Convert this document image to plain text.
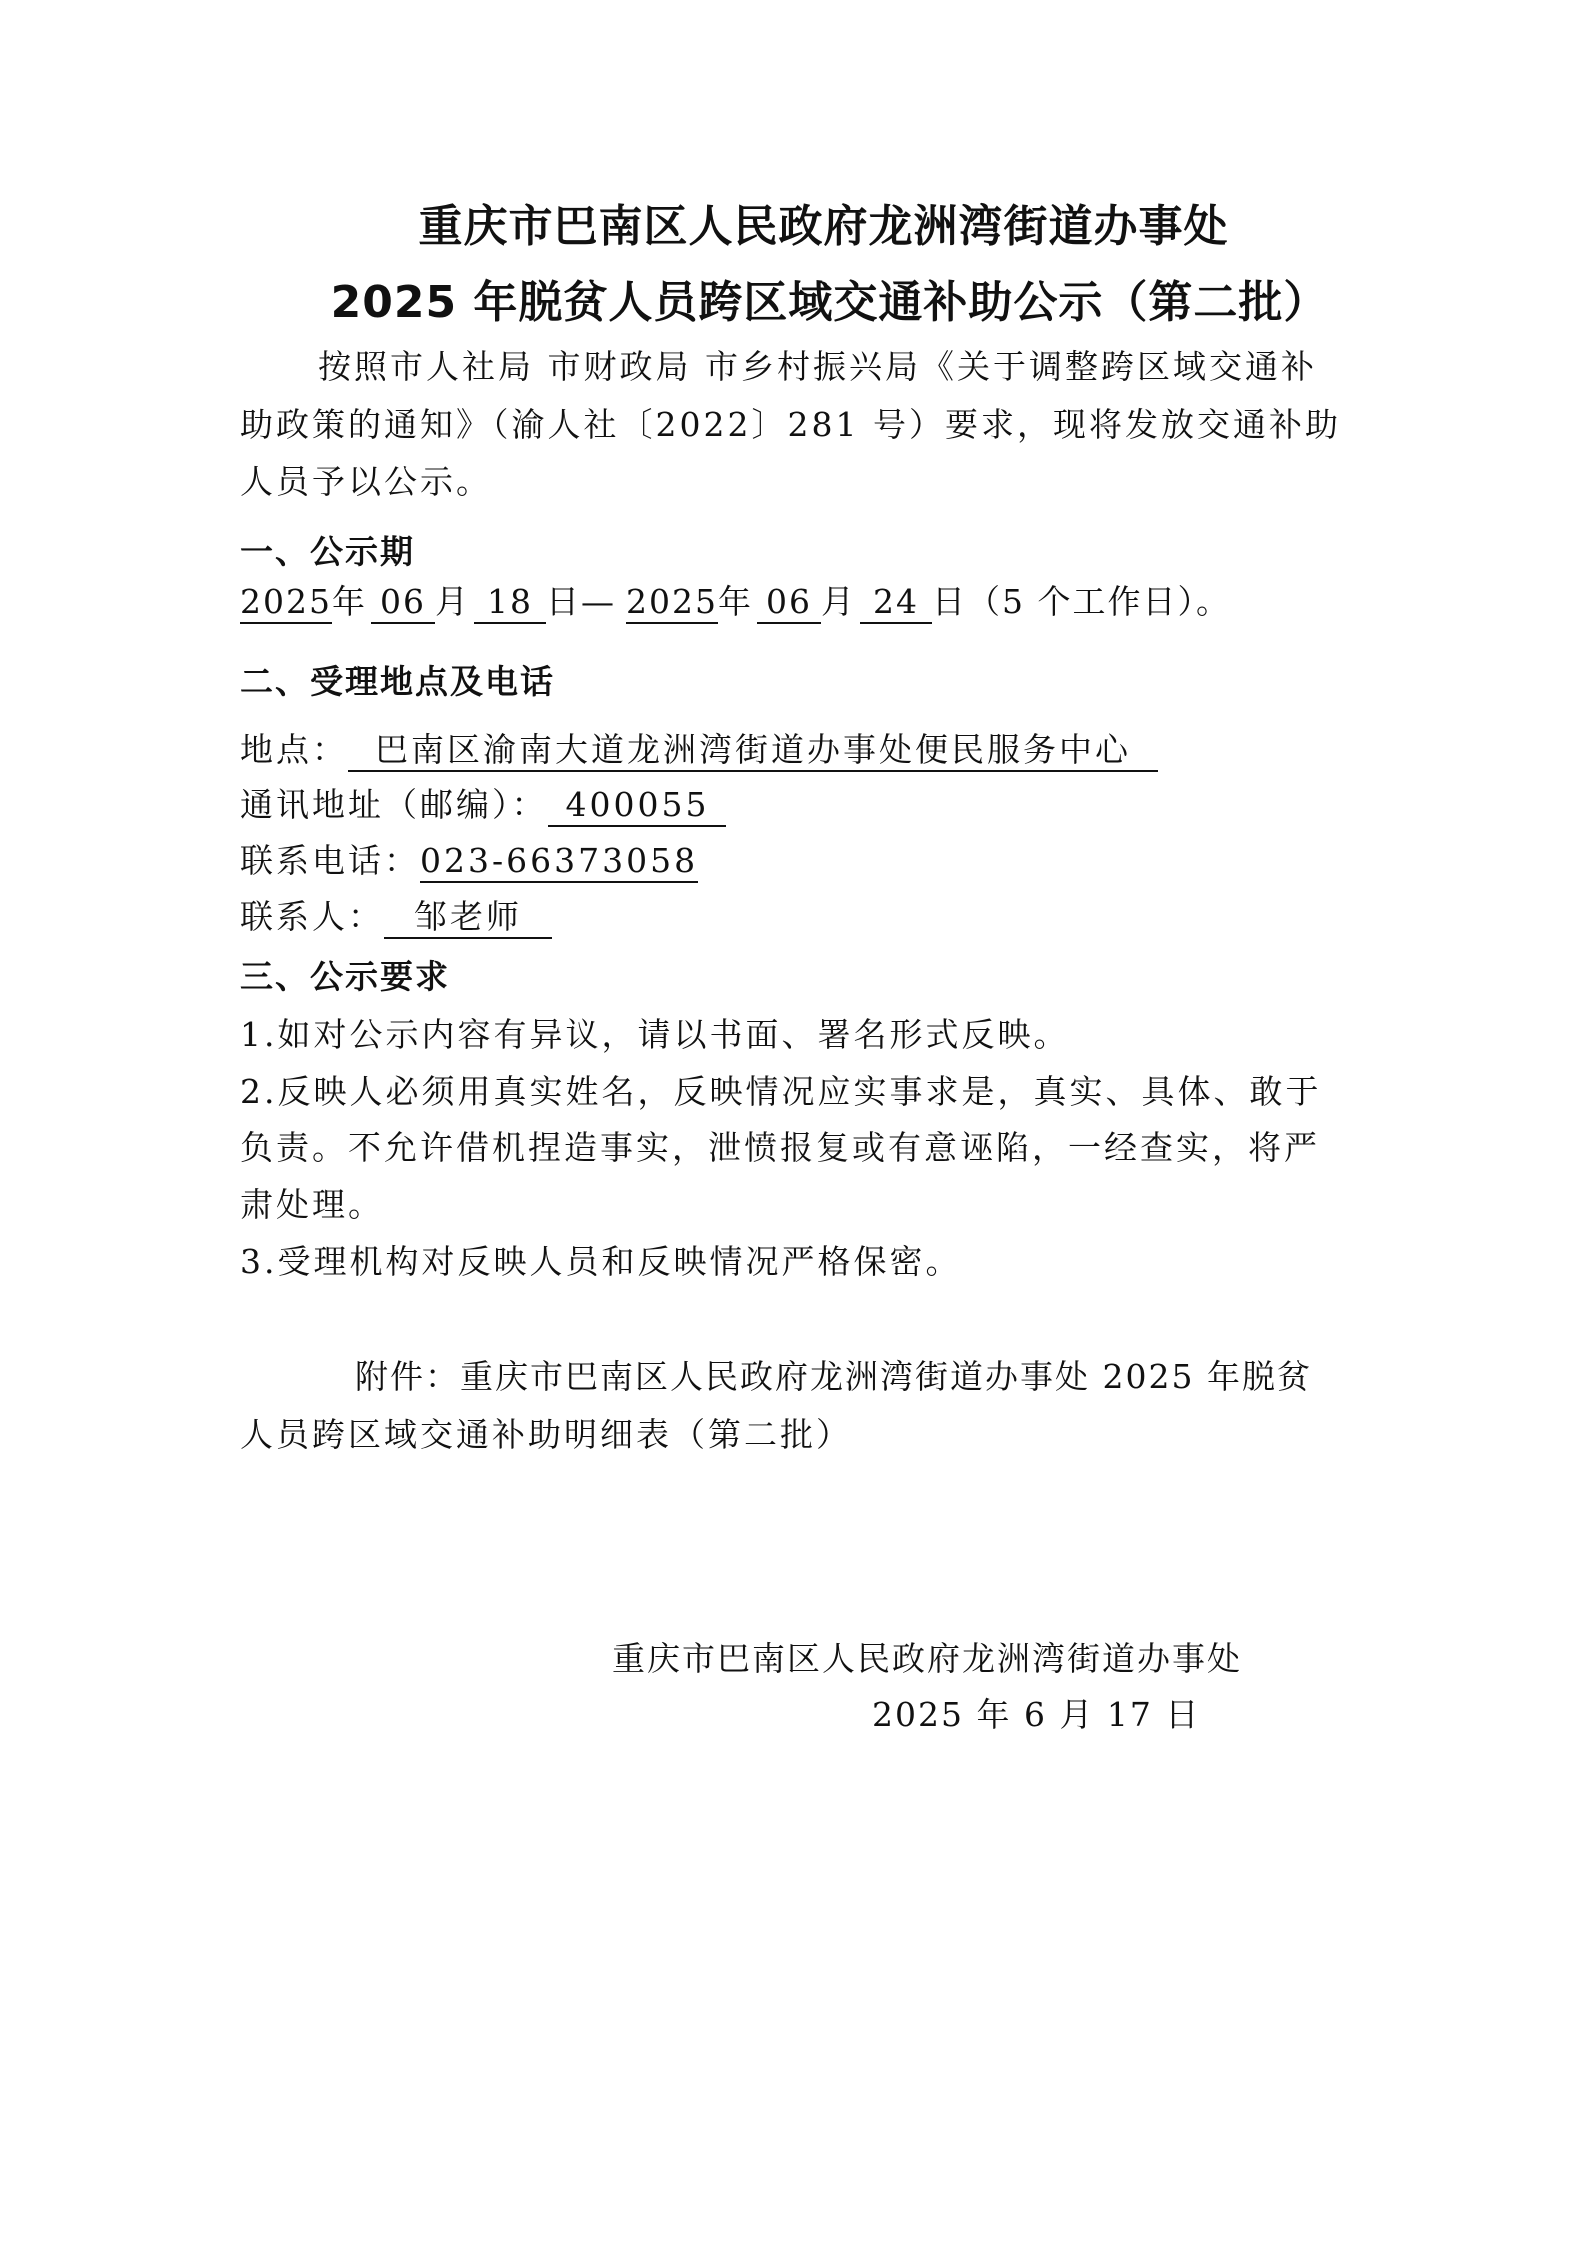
重庆市巴南区人民政府龙洲湾街道办事处
2025 年脱贫人员跨区域交通补助公示（第二批）
按照市人社局 市财政局 市乡村振兴局《关于调整跨区域交通补
助政策的通知》（渝人社〔2022〕281 号）要求，现将发放交通补助
人员予以公示。
一、公示期
2025年 06 月 18 日— 2025年 06 月 24 日（5 个工作日）。
二、受理地点及电话
地点： 巴南区渝南大道龙洲湾街道办事处便民服务中心
通讯地址（邮编）： 400055
联系电话：023-66373058
联系人： 邹老师
三、公示要求
1.如对公示内容有异议，请以书面、署名形式反映。
2.反映人必须用真实姓名，反映情况应实事求是，真实、具体、敢于
负责。不允许借机捏造事实，泄愤报复或有意诬陷，一经查实，将严
肃处理。
3.受理机构对反映人员和反映情况严格保密。
附件：重庆市巴南区人民政府龙洲湾街道办事处 2025 年脱贫
人员跨区域交通补助明细表（第二批）
重庆市巴南区人民政府龙洲湾街道办事处
2025 年 6 月 17 日
